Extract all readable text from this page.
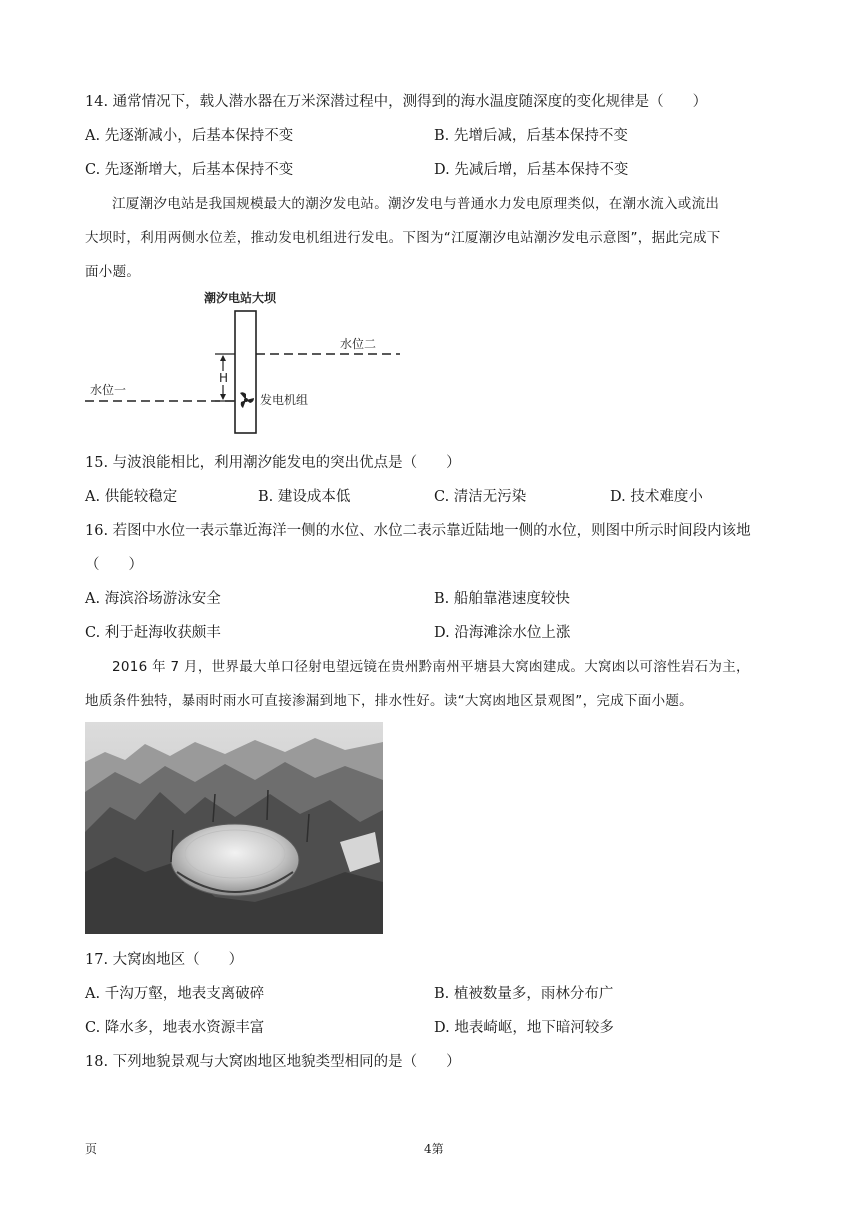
14. 通常情况下，载人潜水器在万米深潜过程中，测得到的海水温度随深度的变化规律是（　　）
A. 先逐渐减小，后基本保持不变	B. 先增后减，后基本保持不变
C. 先逐渐增大，后基本保持不变	D. 先减后增，后基本保持不变
江厦潮汐电站是我国规模最大的潮汐发电站。潮汐发电与普通水力发电原理类似，在潮水流入或流出
大坝时，利用两侧水位差，推动发电机组进行发电。下图为“江厦潮汐电站潮汐发电示意图”，据此完成下
面小题。
潮汐电站大坝
水位二
水位一
H
发电机组
15. 与波浪能相比，利用潮汐能发电的突出优点是（　　）
A. 供能较稳定	B. 建设成本低	C. 清洁无污染	D. 技术难度小
16. 若图中水位一表示靠近海洋一侧的水位、水位二表示靠近陆地一侧的水位，则图中所示时间段内该地
（　　）
A. 海滨浴场游泳安全	B. 船舶靠港速度较快
C. 利于赶海收获颇丰	D. 沿海滩涂水位上涨
2016 年 7 月，世界最大单口径射电望远镜在贵州黔南州平塘县大窝凼建成。大窝凼以可溶性岩石为主，
地质条件独特，暴雨时雨水可直接渗漏到地下，排水性好。读“大窝凼地区景观图”，完成下面小题。
17. 大窝凼地区（　　）
A. 千沟万壑，地表支离破碎	B. 植被数量多，雨林分布广
C. 降水多，地表水资源丰富	D. 地表崎岖，地下暗河较多
18. 下列地貌景观与大窝凼地区地貌类型相同的是（　　）
页	4第
